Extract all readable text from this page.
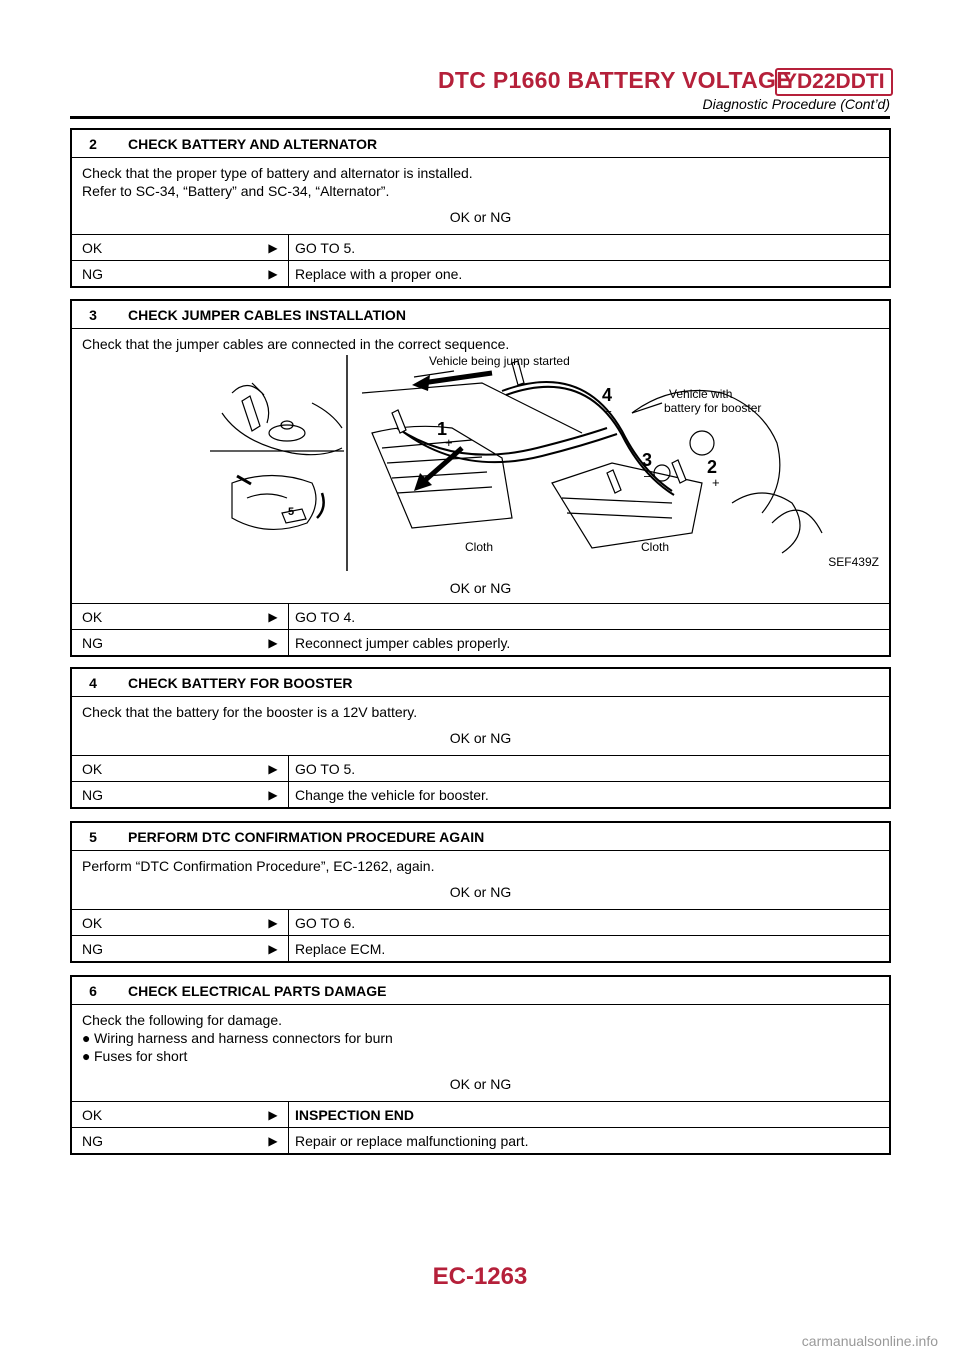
DTC P1660 BATTERY VOLTAGE
YD22DDTI
Diagnostic Procedure (Cont’d)
2	CHECK BATTERY AND ALTERNATOR
Check that the proper type of battery and alternator is installed.
Refer to SC-34, “Battery” and SC-34, “Alternator”.
OK or NG
OK	▶	GO TO 5.
NG	▶	Replace with a proper one.
3	CHECK JUMPER CABLES INSTALLATION
Check that the jumper cables are connected in the correct sequence.
Vehicle being jump started
Vehicle with
battery for booster
Cloth	Cloth
1
+
4
–
3
–	2
+
5
SEF439Z
OK or NG
OK	▶	GO TO 4.
NG	▶	Reconnect jumper cables properly.
4	CHECK BATTERY FOR BOOSTER
Check that the battery for the booster is a 12V battery.
OK or NG
OK	▶	GO TO 5.
NG	▶	Change the vehicle for booster.
5	PERFORM DTC CONFIRMATION PROCEDURE AGAIN
Perform “DTC Confirmation Procedure”, EC-1262, again.
OK or NG
OK	▶	GO TO 6.
NG	▶	Replace ECM.
6	CHECK ELECTRICAL PARTS DAMAGE
Check the following for damage.
● Wiring harness and harness connectors for burn
● Fuses for short
OK or NG
OK	▶	INSPECTION END
NG	▶	Repair or replace malfunctioning part.
EC-1263
carmanualsonline.info
